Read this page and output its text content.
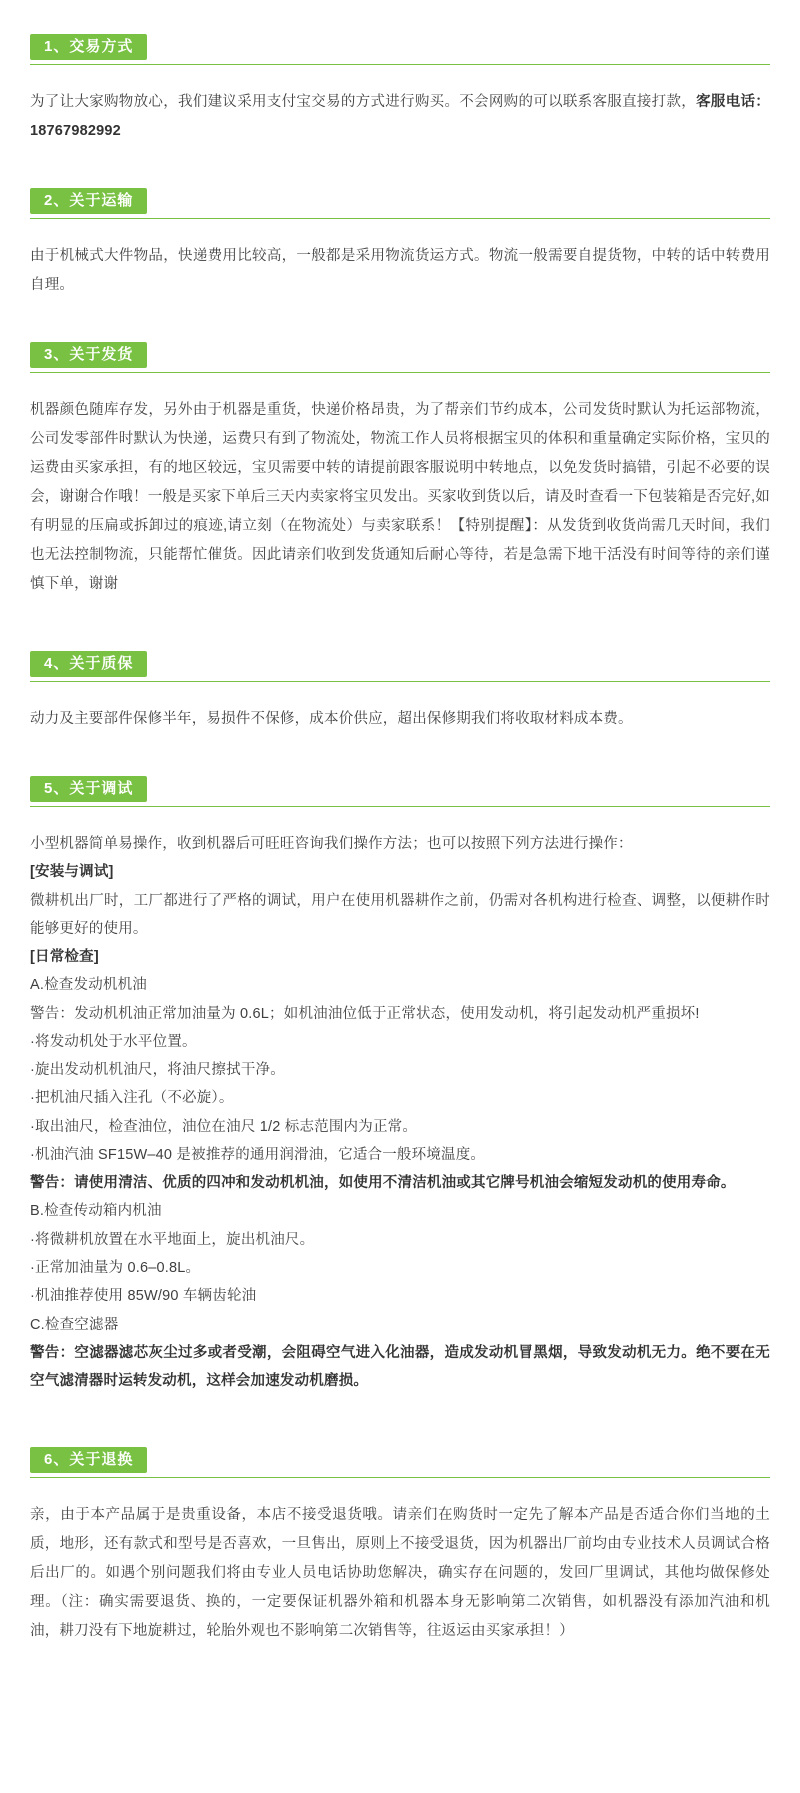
1、交易方式

为了让大家购物放心，我们建议采用支付宝交易的方式进行购买。不会网购的可以联系客服直接打款，客服电话：18767982992

2、关于运输

由于机械式大件物品，快递费用比较高，一般都是采用物流货运方式。物流一般需要自提货物，中转的话中转费用自理。

3、关于发货

机器颜色随库存发，另外由于机器是重货，快递价格昂贵，为了帮亲们节约成本，公司发货时默认为托运部物流，公司发零部件时默认为快递，运费只有到了物流处，物流工作人员将根据宝贝的体积和重量确定实际价格，宝贝的运费由买家承担，有的地区较远，宝贝需要中转的请提前跟客服说明中转地点，以免发货时搞错，引起不必要的误会，谢谢合作哦！一般是买家下单后三天内卖家将宝贝发出。买家收到货以后，请及时查看一下包装箱是否完好,如有明显的压扁或拆卸过的痕迹,请立刻（在物流处）与卖家联系！【特别提醒】：从发货到收货尚需几天时间，我们也无法控制物流，只能帮忙催货。因此请亲们收到发货通知后耐心等待，若是急需下地干活没有时间等待的亲们谨慎下单，谢谢

4、关于质保

动力及主要部件保修半年，易损件不保修，成本价供应，超出保修期我们将收取材料成本费。

5、关于调试

小型机器简单易操作，收到机器后可旺旺咨询我们操作方法；也可以按照下列方法进行操作：

[安装与调试]

微耕机出厂时，工厂都进行了严格的调试，用户在使用机器耕作之前，仍需对各机构进行检查、调整，以便耕作时能够更好的使用。

[日常检查]

A.检查发动机机油

警告：发动机机油正常加油量为 0.6L；如机油油位低于正常状态，使用发动机，将引起发动机严重损坏!

·将发动机处于水平位置。

·旋出发动机机油尺，将油尺擦拭干净。

·把机油尺插入注孔（不必旋）。

·取出油尺，检查油位，油位在油尺 1/2 标志范围内为正常。

·机油汽油 SF15W–40 是被推荐的通用润滑油，它适合一般环境温度。

警告：请使用清洁、优质的四冲和发动机机油，如使用不清洁机油或其它牌号机油会缩短发动机的使用寿命。

B.检查传动箱内机油

·将微耕机放置在水平地面上，旋出机油尺。

·正常加油量为 0.6–0.8L。

·机油推荐使用 85W/90 车辆齿轮油

C.检查空滤器

警告：空滤器滤芯灰尘过多或者受潮，会阻碍空气进入化油器，造成发动机冒黑烟，导致发动机无力。绝不要在无空气滤清器时运转发动机，这样会加速发动机磨损。

6、关于退换

亲，由于本产品属于是贵重设备，本店不接受退货哦。请亲们在购货时一定先了解本产品是否适合你们当地的土质，地形，还有款式和型号是否喜欢，一旦售出，原则上不接受退货，因为机器出厂前均由专业技术人员调试合格后出厂的。如遇个别问题我们将由专业人员电话协助您解决，确实存在问题的，发回厂里调试，其他均做保修处理。（注：确实需要退货、换的，一定要保证机器外箱和机器本身无影响第二次销售，如机器没有添加汽油和机油，耕刀没有下地旋耕过，轮胎外观也不影响第二次销售等，往返运由买家承担！）
